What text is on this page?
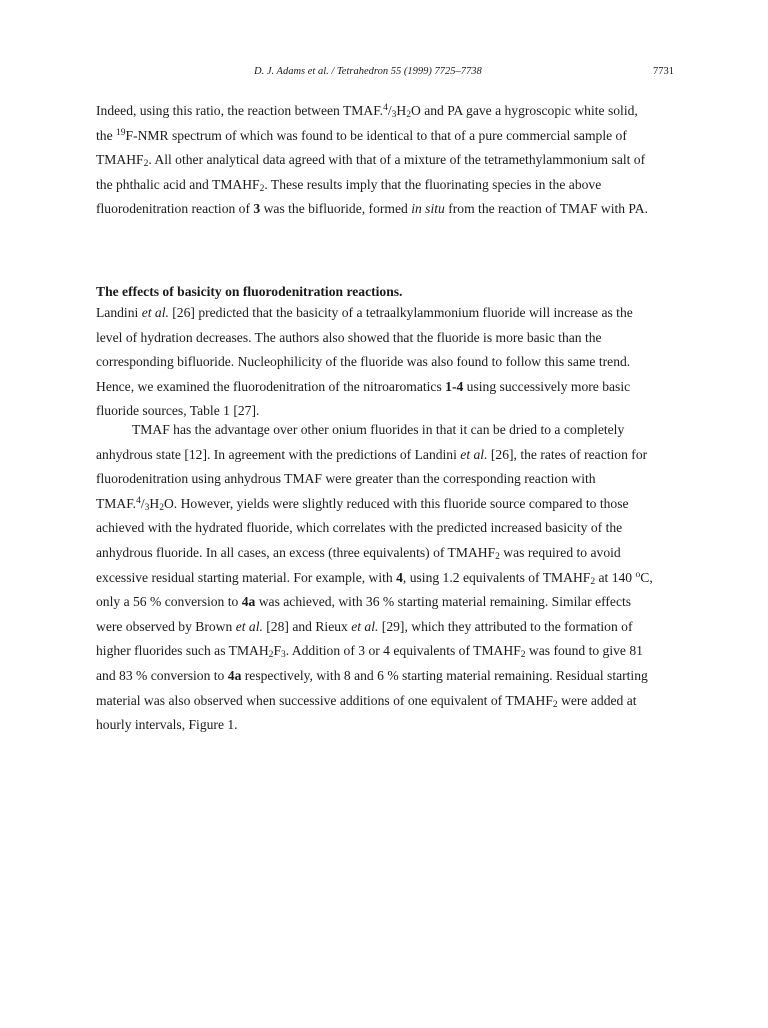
D. J. Adams et al. / Tetrahedron 55 (1999) 7725–7738	7731

Indeed, using this ratio, the reaction between $TMAF.^4/_3H_2O$ and PA gave a hygroscopic white solid, the $^{19}$F-NMR spectrum of which was found to be identical to that of a pure commercial sample of $TMAHF_2$. All other analytical data agreed with that of a mixture of the tetramethylammonium salt of the phthalic acid and $TMAHF_2$. These results imply that the fluorinating species in the above fluorodenitration reaction of 3 was the bifluoride, formed in situ from the reaction of TMAF with PA.

The effects of basicity on fluorodenitration reactions.

Landini et al. [26] predicted that the basicity of a tetraalkylammonium fluoride will increase as the level of hydration decreases. The authors also showed that the fluoride is more basic than the corresponding bifluoride. Nucleophilicity of the fluoride was also found to follow this same trend. Hence, we examined the fluorodenitration of the nitroaromatics 1-4 using successively more basic fluoride sources, Table 1 [27].

TMAF has the advantage over other onium fluorides in that it can be dried to a completely anhydrous state [12]. In agreement with the predictions of Landini et al. [26], the rates of reaction for fluorodenitration using anhydrous TMAF were greater than the corresponding reaction with $TMAF.^4/_3H_2O$. However, yields were slightly reduced with this fluoride source compared to those achieved with the hydrated fluoride, which correlates with the predicted increased basicity of the anhydrous fluoride. In all cases, an excess (three equivalents) of $TMAHF_2$ was required to avoid excessive residual starting material. For example, with 4, using 1.2 equivalents of $TMAHF_2$ at 140 $^o$C, only a 56 % conversion to 4a was achieved, with 36 % starting material remaining. Similar effects were observed by Brown et al. [28] and Rieux et al. [29], which they attributed to the formation of higher fluorides such as $TMAH_2F_3$. Addition of 3 or 4 equivalents of $TMAHF_2$ was found to give 81 and 83 % conversion to 4a respectively, with 8 and 6 % starting material remaining. Residual starting material was also observed when successive additions of one equivalent of $TMAHF_2$ were added at hourly intervals, Figure 1.
